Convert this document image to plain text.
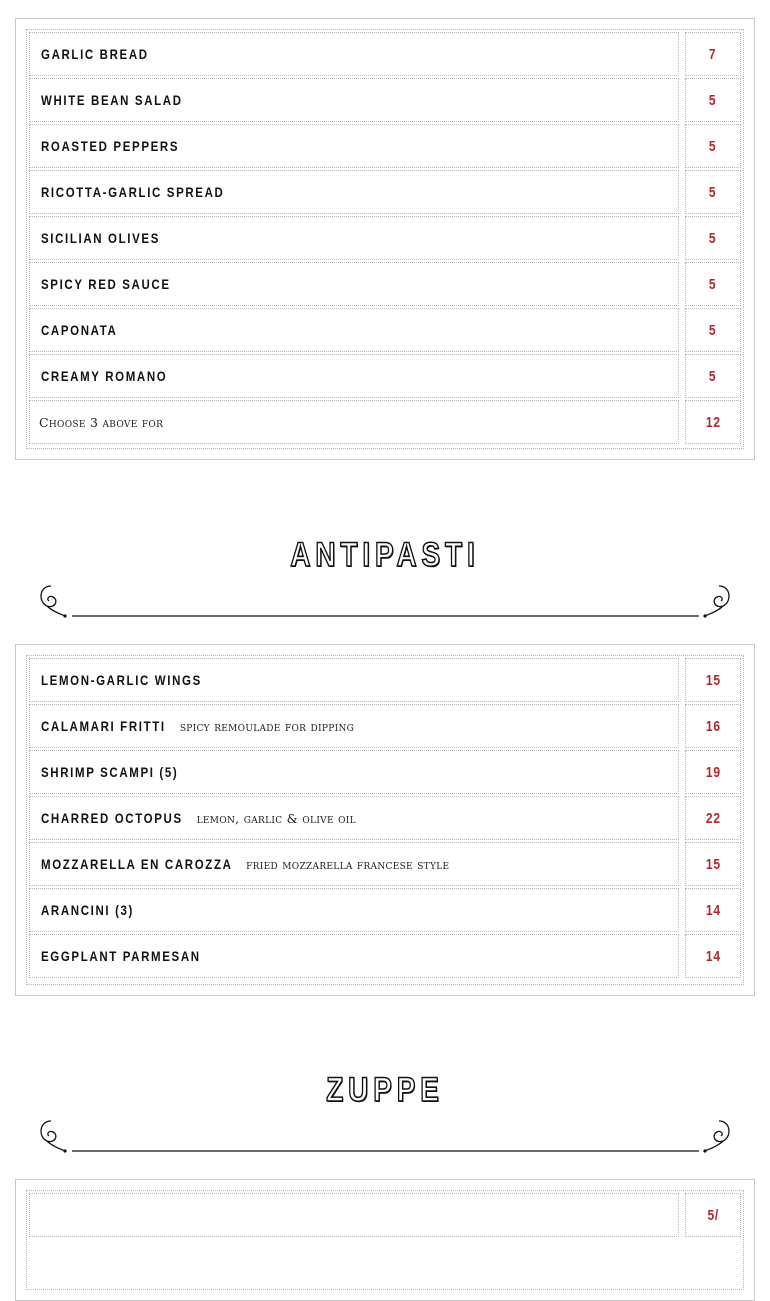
GARLIC BREAD	7
WHITE BEAN SALAD	5
ROASTED PEPPERS	5
RICOTTA-GARLIC SPREAD	5
SICILIAN OLIVES	5
SPICY RED SAUCE	5
CAPONATA	5
CREAMY ROMANO	5
Choose 3 above for	12
ANTIPASTI
LEMON-GARLIC WINGS	15
CALAMARI FRITTI spicy remoulade for dipping	16
SHRIMP SCAMPI (5)	19
CHARRED OCTOPUS lemon, garlic & olive oil	22
MOZZARELLA EN CAROZZA fried mozzarella francese style	15
ARANCINI (3)	14
EGGPLANT PARMESAN	14
ZUPPE
5/
